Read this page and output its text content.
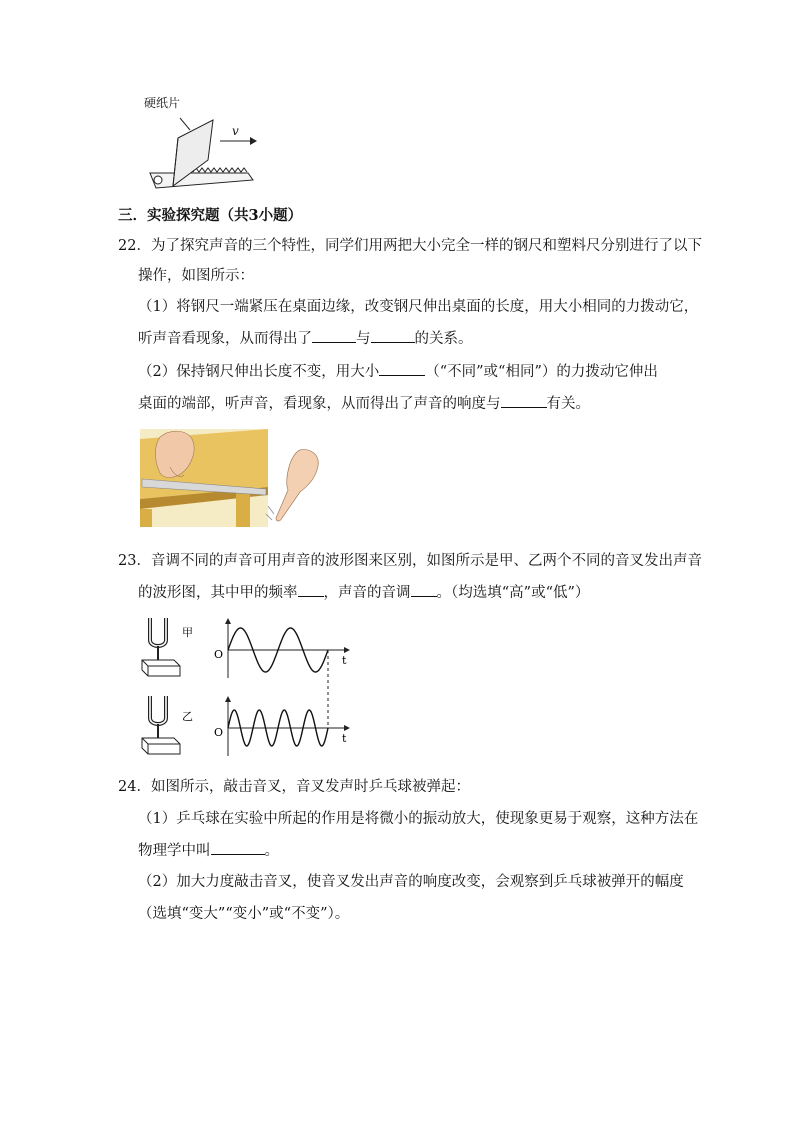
硬纸片
v
三．实验探究题（共3小题）
22．为了探究声音的三个特性，同学们用两把大小完全一样的钢尺和塑料尺分别进行了以下
操作，如图所示：
（1）将钢尺一端紧压在桌面边缘，改变钢尺伸出桌面的长度，用大小相同的力拨动它，
听声音看现象，从而得出了	与	的关系。
（2）保持钢尺伸出长度不变，用大小	（“不同”或“相同”）的力拨动它伸出
桌面的端部，听声音，看现象，从而得出了声音的响度与	有关。
23．音调不同的声音可用声音的波形图来区别，如图所示是甲、乙两个不同的音叉发出声音
的波形图，其中甲的频率 ，声音的音调 。（均选填“高”或“低”）
甲
乙
O
O
t
t
24．如图所示，敲击音叉，音叉发声时乒乓球被弹起：
（1）乒乓球在实验中所起的作用是将微小的振动放大，使现象更易于观察，这种方法在
物理学中叫	。
（2）加大力度敲击音叉，使音叉发出声音的响度改变，会观察到乒乓球被弹开的幅度
（选填“变大”“变小”或“不变”）。
